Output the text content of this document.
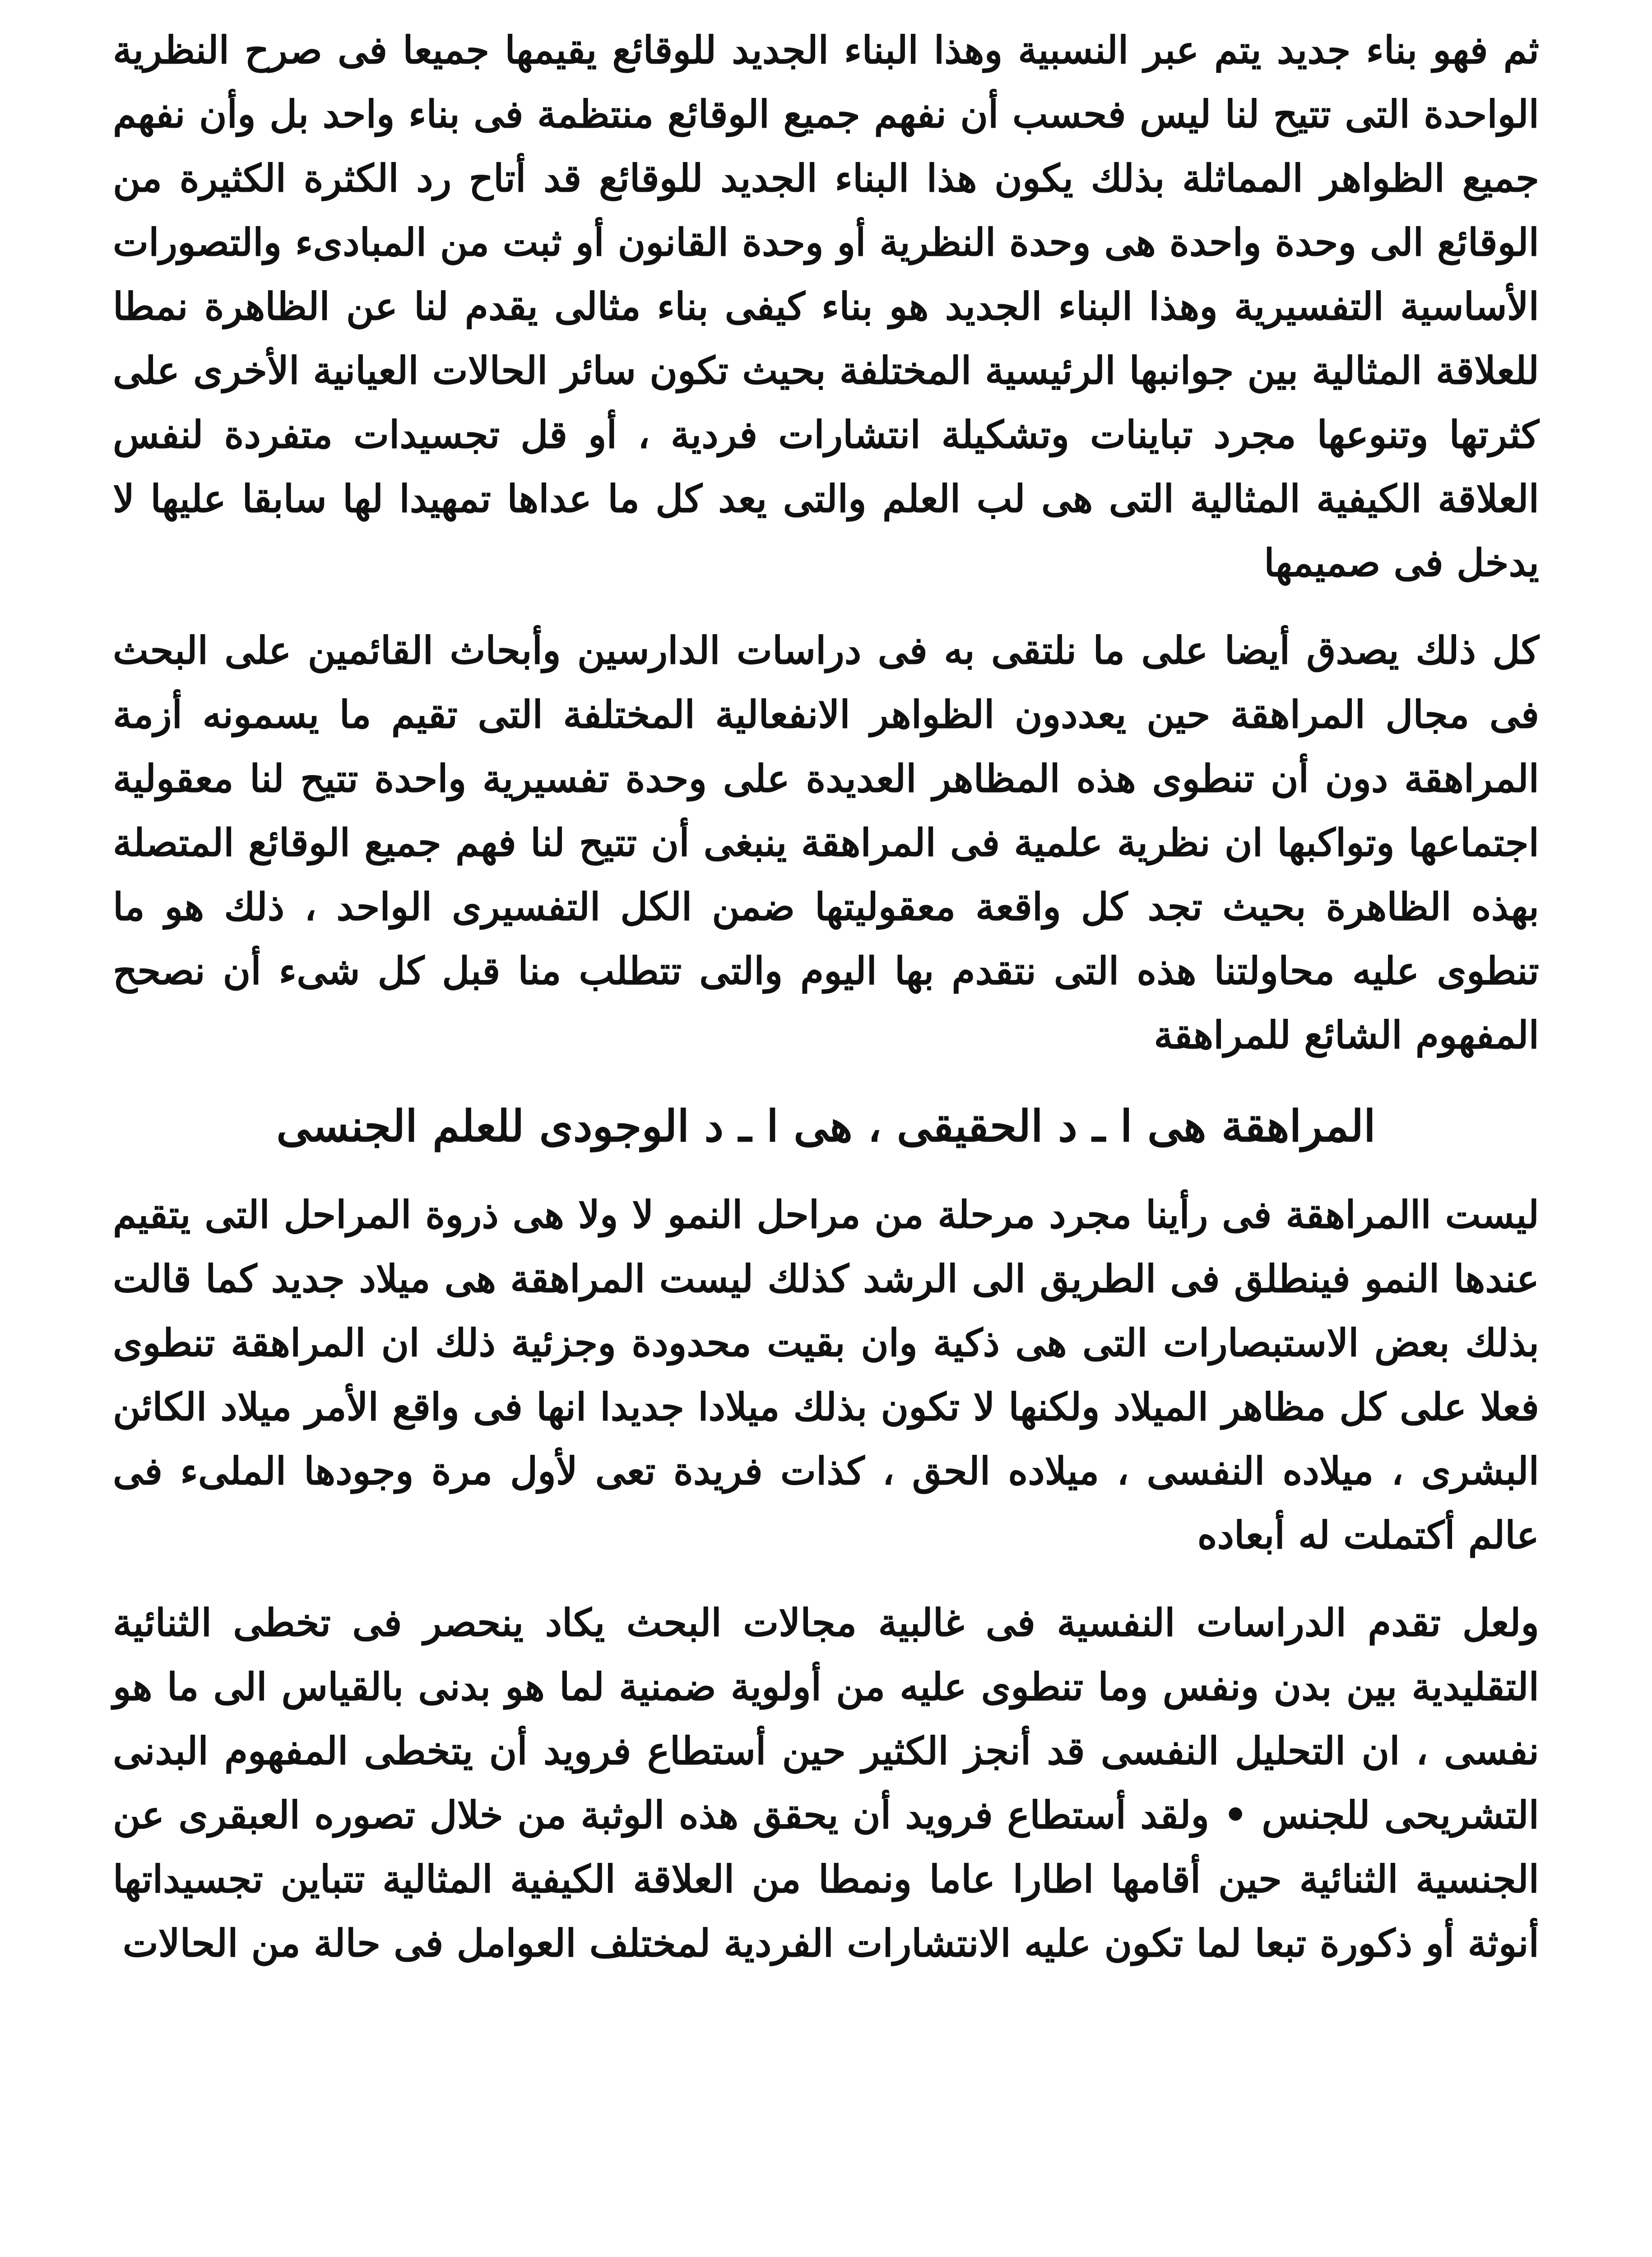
ثم فهو بناء جديد يتم عبر النسبية وهذا البناء الجديد للوقائع يقيمها جميعا فى صرح النظرية الواحدة التى تتيح لنا ليس فحسب أن نفهم جميع الوقائع منتظمة فى بناء واحد بل وأن نفهم جميع الظواهر المماثلة بذلك يكون هذا البناء الجديد للوقائع قد أتاح رد الكثرة الكثيرة من الوقائع الى وحدة واحدة هى وحدة النظرية أو وحدة القانون أو ثبت من المبادىء والتصورات الأساسية التفسيرية وهذا البناء الجديد هو بناء كيفى بناء مثالى يقدم لنا عن الظاهرة نمطا للعلاقة المثالية بين جوانبها الرئيسية المختلفة بحيث تكون سائر الحالات العيانية الأخرى على كثرتها وتنوعها مجرد تباينات وتشكيلة انتشارات فردية ، أو قل تجسيدات متفردة لنفس العلاقة الكيفية المثالية التى هى لب العلم والتى يعد كل ما عداها تمهيدا لها سابقا عليها لا يدخل فى صميمها

كل ذلك يصدق أيضا على ما نلتقى به فى دراسات الدارسين وأبحاث القائمين على البحث فى مجال المراهقة حين يعددون الظواهر الانفعالية المختلفة التى تقيم ما يسمونه أزمة المراهقة دون أن تنطوى هذه المظاهر العديدة على وحدة تفسيرية واحدة تتيح لنا معقولية اجتماعها وتواكبها ان نظرية علمية فى المراهقة ينبغى أن تتيح لنا فهم جميع الوقائع المتصلة بهذه الظاهرة بحيث تجد كل واقعة معقوليتها ضمن الكل التفسيرى الواحد ، ذلك هو ما تنطوى عليه محاولتنا هذه التى نتقدم بها اليوم والتى تتطلب منا قبل كل شىء أن نصحح المفهوم الشائع للمراهقة

المراهقة هى ا ـ د الحقيقى ، هى ا ـ د الوجودى للعلم الجنسى

ليست االمراهقة فى رأينا مجرد مرحلة من مراحل النمو لا ولا هى ذروة المراحل التى يتقيم عندها النمو فينطلق فى الطريق الى الرشد كذلك ليست المراهقة هى ميلاد جديد كما قالت بذلك بعض الاستبصارات التى هى ذكية وان بقيت محدودة وجزئية ذلك ان المراهقة تنطوى فعلا على كل مظاهر الميلاد ولكنها لا تكون بذلك ميلادا جديدا انها فى واقع الأمر ميلاد الكائن البشرى ، ميلاده النفسى ، ميلاده الحق ، كذات فريدة تعى لأول مرة وجودها الملىء فى عالم أكتملت له أبعاده

ولعل تقدم الدراسات النفسية فى غالبية مجالات البحث يكاد ينحصر فى تخطى الثنائية التقليدية بين بدن ونفس وما تنطوى عليه من أولوية ضمنية لما هو بدنى بالقياس الى ما هو نفسى ، ان التحليل النفسى قد أنجز الكثير حين أستطاع فرويد أن يتخطى المفهوم البدنى التشريحى للجنس • ولقد أستطاع فرويد أن يحقق هذه الوثبة من خلال تصوره العبقرى عن الجنسية الثنائية حين أقامها اطارا عاما ونمطا من العلاقة الكيفية المثالية تتباين تجسيداتها أنوثة أو ذكورة تبعا لما تكون عليه الانتشارات الفردية لمختلف العوامل فى حالة من الحالات
